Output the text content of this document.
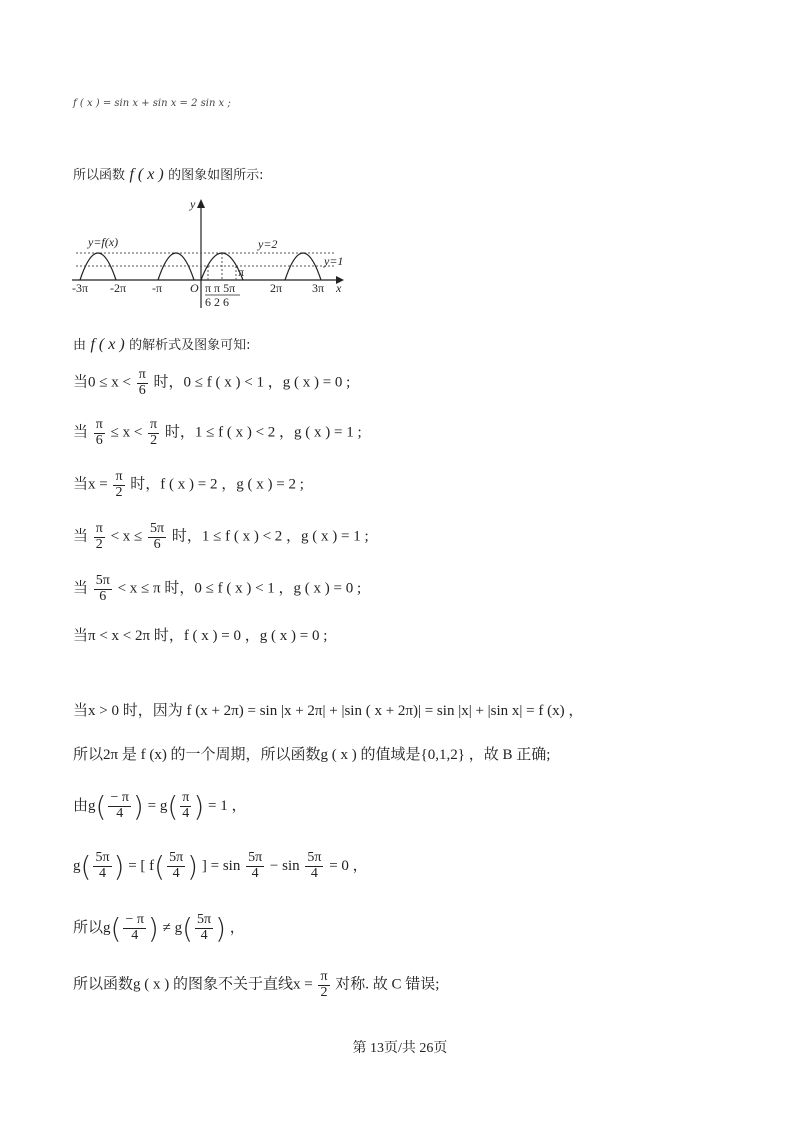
f ( x ) = sin x + sin x = 2 sin x ;
所以函数 f ( x ) 的图象如图所示:
y
x
O
y=f(x)	y=2
y=1
π
-3π -2π -π	2π 3π
π π 5π
6 2 6
由 f ( x ) 的解析式及图象可知:
当$0 \le x < \frac{\pi}{6}$ 时，0 ≤ f ( x ) < 1 ，g ( x ) = 0 ;
当 $\frac{\pi}{6} \le x < \frac{\pi}{2}$ 时，1 ≤ f ( x ) < 2 ，g ( x ) = 1 ;
当$x = \frac{\pi}{2}$ 时，f ( x ) = 2 ，g ( x ) = 2 ;
当 $\frac{\pi}{2} < x \le \frac{5\pi}{6}$ 时，1 ≤ f ( x ) < 2 ，g ( x ) = 1 ;
当 $\frac{5\pi}{6} < x \le \pi$ 时，0 ≤ f ( x ) < 1 ，g ( x ) = 0 ;
当π < x < 2π 时，f ( x ) = 0 ，g ( x ) = 0 ;
当x > 0 时，因为 f (x + 2π) = sin |x + 2π| + |sin ( x + 2π)| = sin |x| + |sin x| = f (x) ，
所以2π 是 f (x) 的一个周期，所以函数g ( x ) 的值域是{0,1,2} ，故 B 正确;
由$g( \frac{- \pi}{4}$ ) = $g( \frac{\pi}{4}$ ) = 1 ，
$g( \frac{5\pi}{4}$ ) = [ $f( \frac{5\pi}{4}$ ) ] = $\sin \frac{5\pi}{4} - \sin \frac{5\pi}{4} = 0$ ，
所以$g( \frac{- \pi}{4}$ ) ≠ $g( \frac{5\pi}{4}$ ) ，
所以函数g ( x ) 的图象不关于直线$x = \frac{\pi}{2}$ 对称. 故 C 错误;
第 13页/共 26页
